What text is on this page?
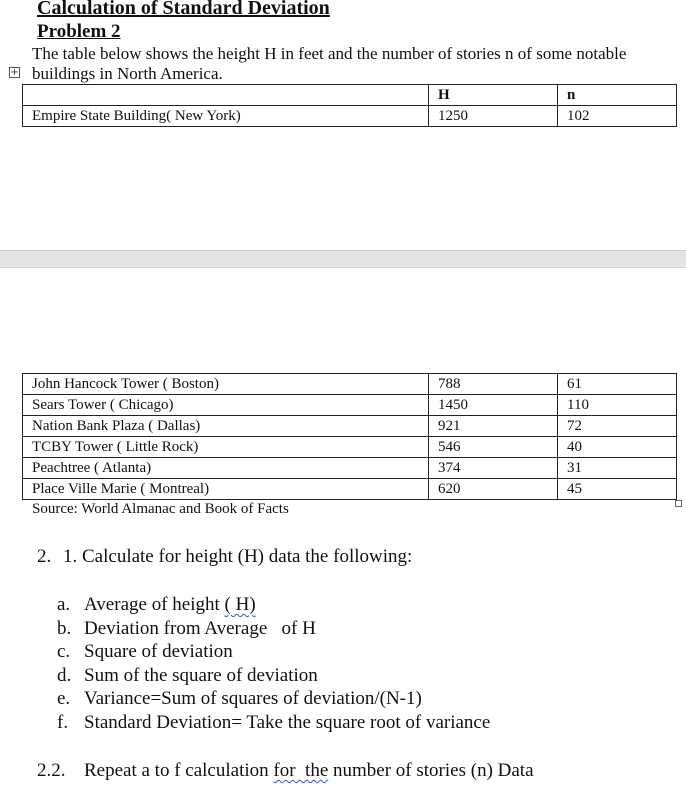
Calculation of Standard Deviation
Problem 2
The table below shows the height H in feet and the number of stories n of some notable
buildings in North America.
+
	H	n
Empire State Building( New York)	1250	102
John Hancock Tower ( Boston)	788	61
Sears Tower ( Chicago)	1450	110
Nation Bank Plaza ( Dallas)	921	72
TCBY Tower ( Little Rock)	546	40
Peachtree ( Atlanta)	374	31
Place Ville Marie ( Montreal)	620	45
Source: World Almanac and Book of Facts
2. 1. Calculate for height (H) data the following:
a. Average of height ( H)
b. Deviation from Average   of H
c. Square of deviation
d. Sum of the square of deviation
e. Variance=Sum of squares of deviation/(N-1)
f. Standard Deviation= Take the square root of variance
2.2. Repeat a to f calculation for  the number of stories (n) Data
